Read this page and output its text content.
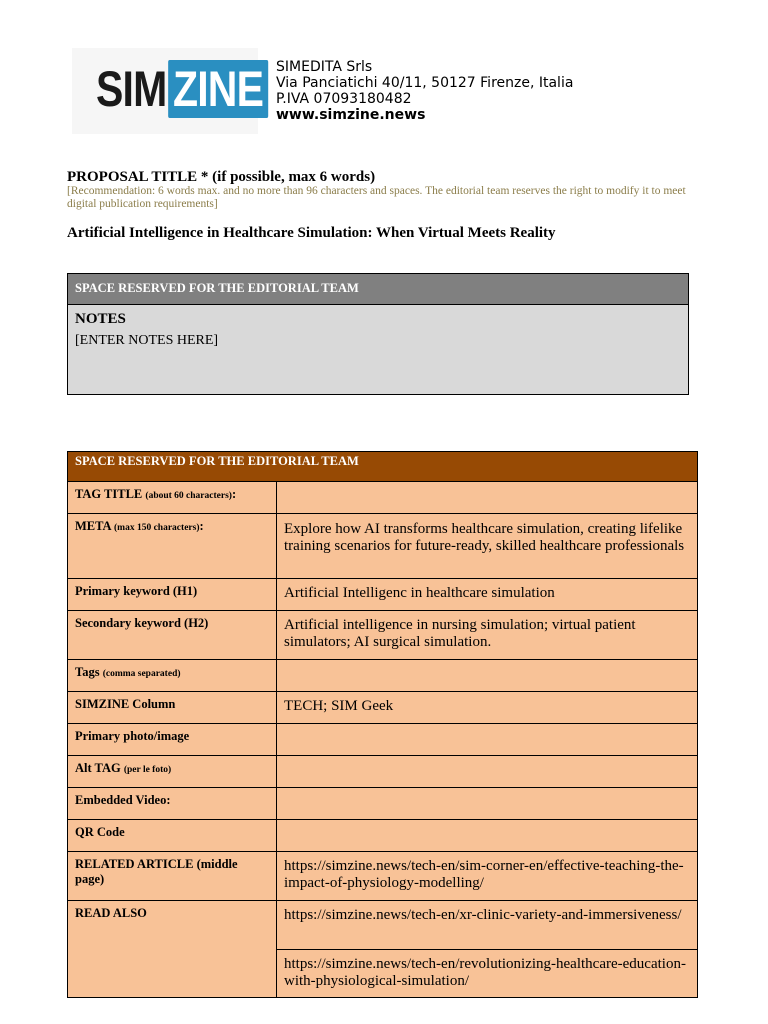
SIM ZINE SIMEDITA Srls
Via Panciatichi 40/11, 50127 Firenze, Italia
P.IVA 07093180482
www.simzine.news
PROPOSAL TITLE * (if possible, max 6 words)
[Recommendation: 6 words max. and no more than 96 characters and spaces. The editorial team reserves the right to modify it to meet digital publication requirements]
Artificial Intelligence in Healthcare Simulation: When Virtual Meets Reality
SPACE RESERVED FOR THE EDITORIAL TEAM
NOTES
[ENTER NOTES HERE]
SPACE RESERVED FOR THE EDITORIAL TEAM	
TAG TITLE (about 60 characters):	
META (max 150 characters):	Explore how AI transforms healthcare simulation, creating lifelike training scenarios for future-ready, skilled healthcare professionals
Primary keyword (H1)	Artificial Intelligenc in healthcare simulation
Secondary keyword (H2)	Artificial intelligence in nursing simulation; virtual patient simulators; AI surgical simulation.
Tags (comma separated)	
SIMZINE Column	TECH; SIM Geek
Primary photo/image	
Alt TAG (per le foto)	
Embedded Video:	
QR Code	
RELATED ARTICLE (middle page)	https://simzine.news/tech-en/sim-corner-en/effective-teaching-the-impact-of-physiology-modelling/
READ ALSO	https://simzine.news/tech-en/xr-clinic-variety-and-immersiveness/
	https://simzine.news/tech-en/revolutionizing-healthcare-education-with-physiological-simulation/
